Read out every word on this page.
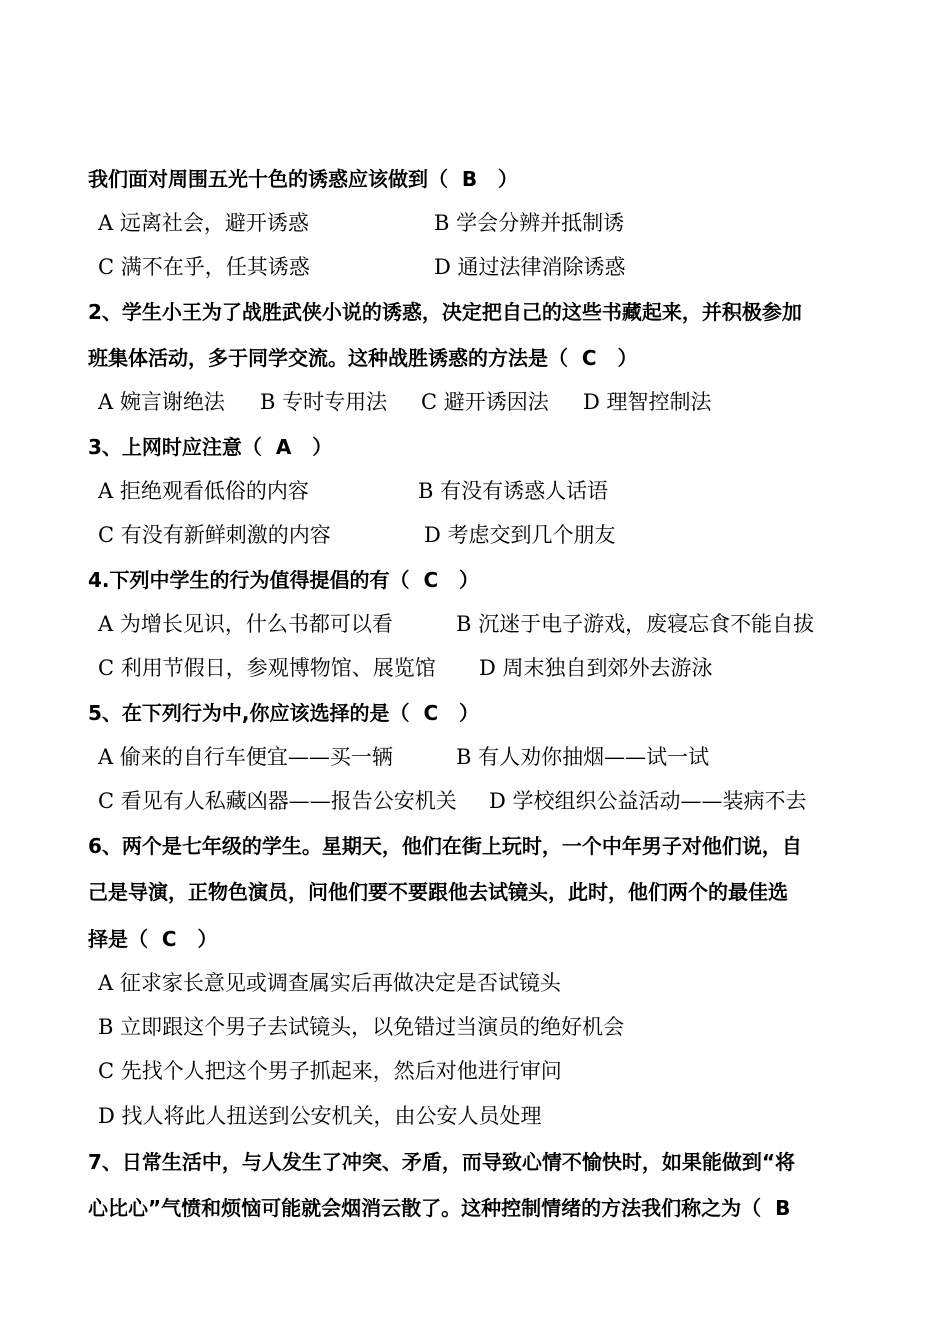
我们面对周围五光十色的诱惑应该做到（  B   ）
A 远离社会，避开诱惑	B 学会分辨并抵制诱
C 满不在乎，任其诱惑	D 通过法律消除诱惑
2、学生小王为了战胜武侠小说的诱惑，决定把自己的这些书藏起来，并积极参加
班集体活动，多于同学交流。这种战胜诱惑的方法是（  C   ）
A 婉言谢绝法 B 专时专用法 C 避开诱因法 D 理智控制法
3、上网时应注意（  A   ）
A 拒绝观看低俗的内容	B 有没有诱惑人话语
C 有没有新鲜刺激的内容	D 考虑交到几个朋友
4.下列中学生的行为值得提倡的有（  C   ）
A 为增长见识，什么书都可以看	B 沉迷于电子游戏，废寝忘食不能自拔
C 利用节假日，参观博物馆、展览馆 D 周末独自到郊外去游泳
5、在下列行为中,你应该选择的是（  C   ）
A 偷来的自行车便宜——买一辆	B 有人劝你抽烟——试一试
C 看见有人私藏凶器——报告公安机关 D 学校组织公益活动——装病不去
6、两个是七年级的学生。星期天，他们在街上玩时，一个中年男子对他们说，自
己是导演，正物色演员，问他们要不要跟他去试镜头，此时，他们两个的最佳选
择是（  C   ）
A 征求家长意见或调查属实后再做决定是否试镜头
B 立即跟这个男子去试镜头，以免错过当演员的绝好机会
C 先找个人把这个男子抓起来，然后对他进行审问
D 找人将此人扭送到公安机关，由公安人员处理
7、日常生活中，与人发生了冲突、矛盾，而导致心情不愉快时，如果能做到“将
心比心”气愤和烦恼可能就会烟消云散了。这种控制情绪的方法我们称之为（  B
